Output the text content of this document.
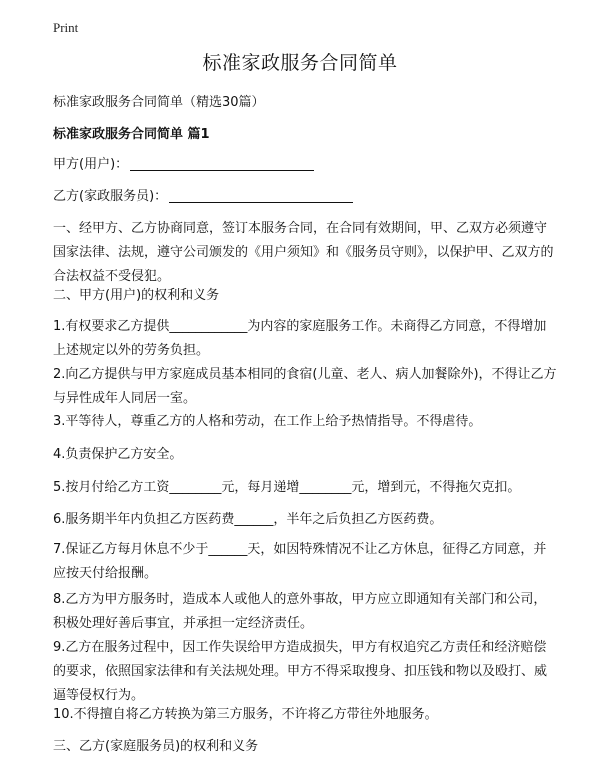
Print
标准家政服务合同简单

标准家政服务合同简单（精选30篇）

标准家政服务合同简单 篇1

甲方(用户)：

乙方(家政服务员)：

一、经甲方、乙方协商同意，签订本服务合同，在合同有效期间，甲、乙双方必须遵守国家法律、法规，遵守公司颁发的《用户须知》和《服务员守则》，以保护甲、乙双方的合法权益不受侵犯。

二、甲方(用户)的权利和义务

1.有权要求乙方提供____________为内容的家庭服务工作。未商得乙方同意，不得增加上述规定以外的劳务负担。

2.向乙方提供与甲方家庭成员基本相同的食宿(儿童、老人、病人加餐除外)，不得让乙方与异性成年人同居一室。

3.平等待人，尊重乙方的人格和劳动，在工作上给予热情指导。不得虐待。

4.负责保护乙方安全。

5.按月付给乙方工资________元，每月递增________元，增到元，不得拖欠克扣。

6.服务期半年内负担乙方医药费______，半年之后负担乙方医药费。

7.保证乙方每月休息不少于______天，如因特殊情况不让乙方休息，征得乙方同意，并应按天付给报酬。

8.乙方为甲方服务时，造成本人或他人的意外事故，甲方应立即通知有关部门和公司，积极处理好善后事宜，并承担一定经济责任。

9.乙方在服务过程中，因工作失误给甲方造成损失，甲方有权追究乙方责任和经济赔偿的要求，依照国家法律和有关法规处理。甲方不得采取搜身、扣压钱和物以及殴打、威逼等侵权行为。

10.不得擅自将乙方转换为第三方服务，不许将乙方带往外地服务。

三、乙方(家庭服务员)的权利和义务
